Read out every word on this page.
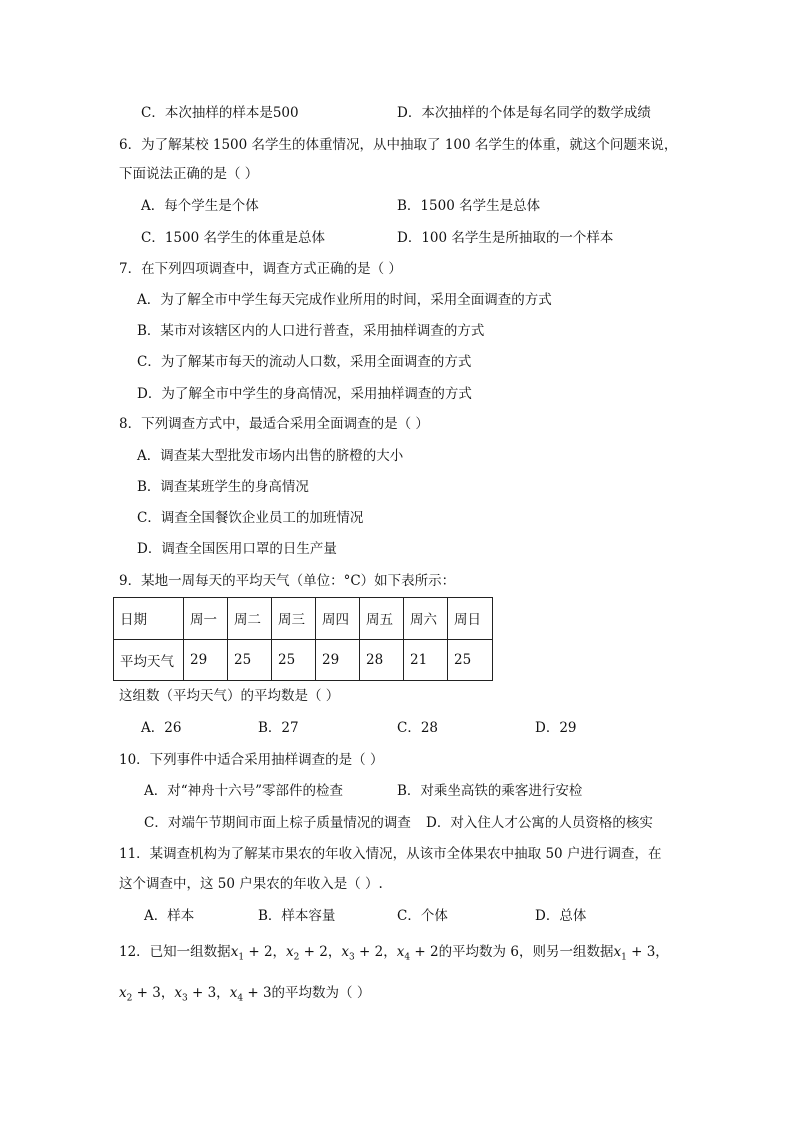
C．本次抽样的样本是500	D．本次抽样的个体是每名同学的数学成绩
6．为了解某校 1500 名学生的体重情况，从中抽取了 100 名学生的体重，就这个问题来说，
下面说法正确的是（ ）
A．每个学生是个体	B．1500 名学生是总体
C．1500 名学生的体重是总体	D．100 名学生是所抽取的一个样本
7．在下列四项调查中，调查方式正确的是（ ）
A．为了解全市中学生每天完成作业所用的时间，采用全面调查的方式
B．某市对该辖区内的人口进行普查，采用抽样调查的方式
C．为了解某市每天的流动人口数，采用全面调查的方式
D．为了解全市中学生的身高情况，采用抽样调查的方式
8．下列调查方式中，最适合采用全面调查的是（ ）
A．调查某大型批发市场内出售的脐橙的大小
B．调查某班学生的身高情况
C．调查全国餐饮企业员工的加班情况
D．调查全国医用口罩的日生产量
9．某地一周每天的平均天气（单位：°C）如下表所示：
日期	周一	周二	周三	周四	周五	周六	周日
平均天气	29	25	25	29	28	21	25
这组数（平均天气）的平均数是（ ）
A．26	B．27	C．28	D．29
10．下列事件中适合采用抽样调查的是（ ）
A．对“神舟十六号”零部件的检查	B．对乘坐高铁的乘客进行安检
C．对端午节期间市面上棕子质量情况的调查 D．对入住人才公寓的人员资格的核实
11．某调查机构为了解某市果农的年收入情况，从该市全体果农中抽取 50 户进行调查，在
这个调查中，这 50 户果农的年收入是（ ）.
A．样本	B．样本容量	C．个体	D．总体
12．已知一组数据$x_1 + 2$，$x_2 + 2$，$x_3 + 2$，$x_4 + 2$的平均数为 6，则另一组数据$x_1 + 3$，
$x_2 + 3$，$x_3 + 3$，$x_4 + 3$的平均数为（ ）
